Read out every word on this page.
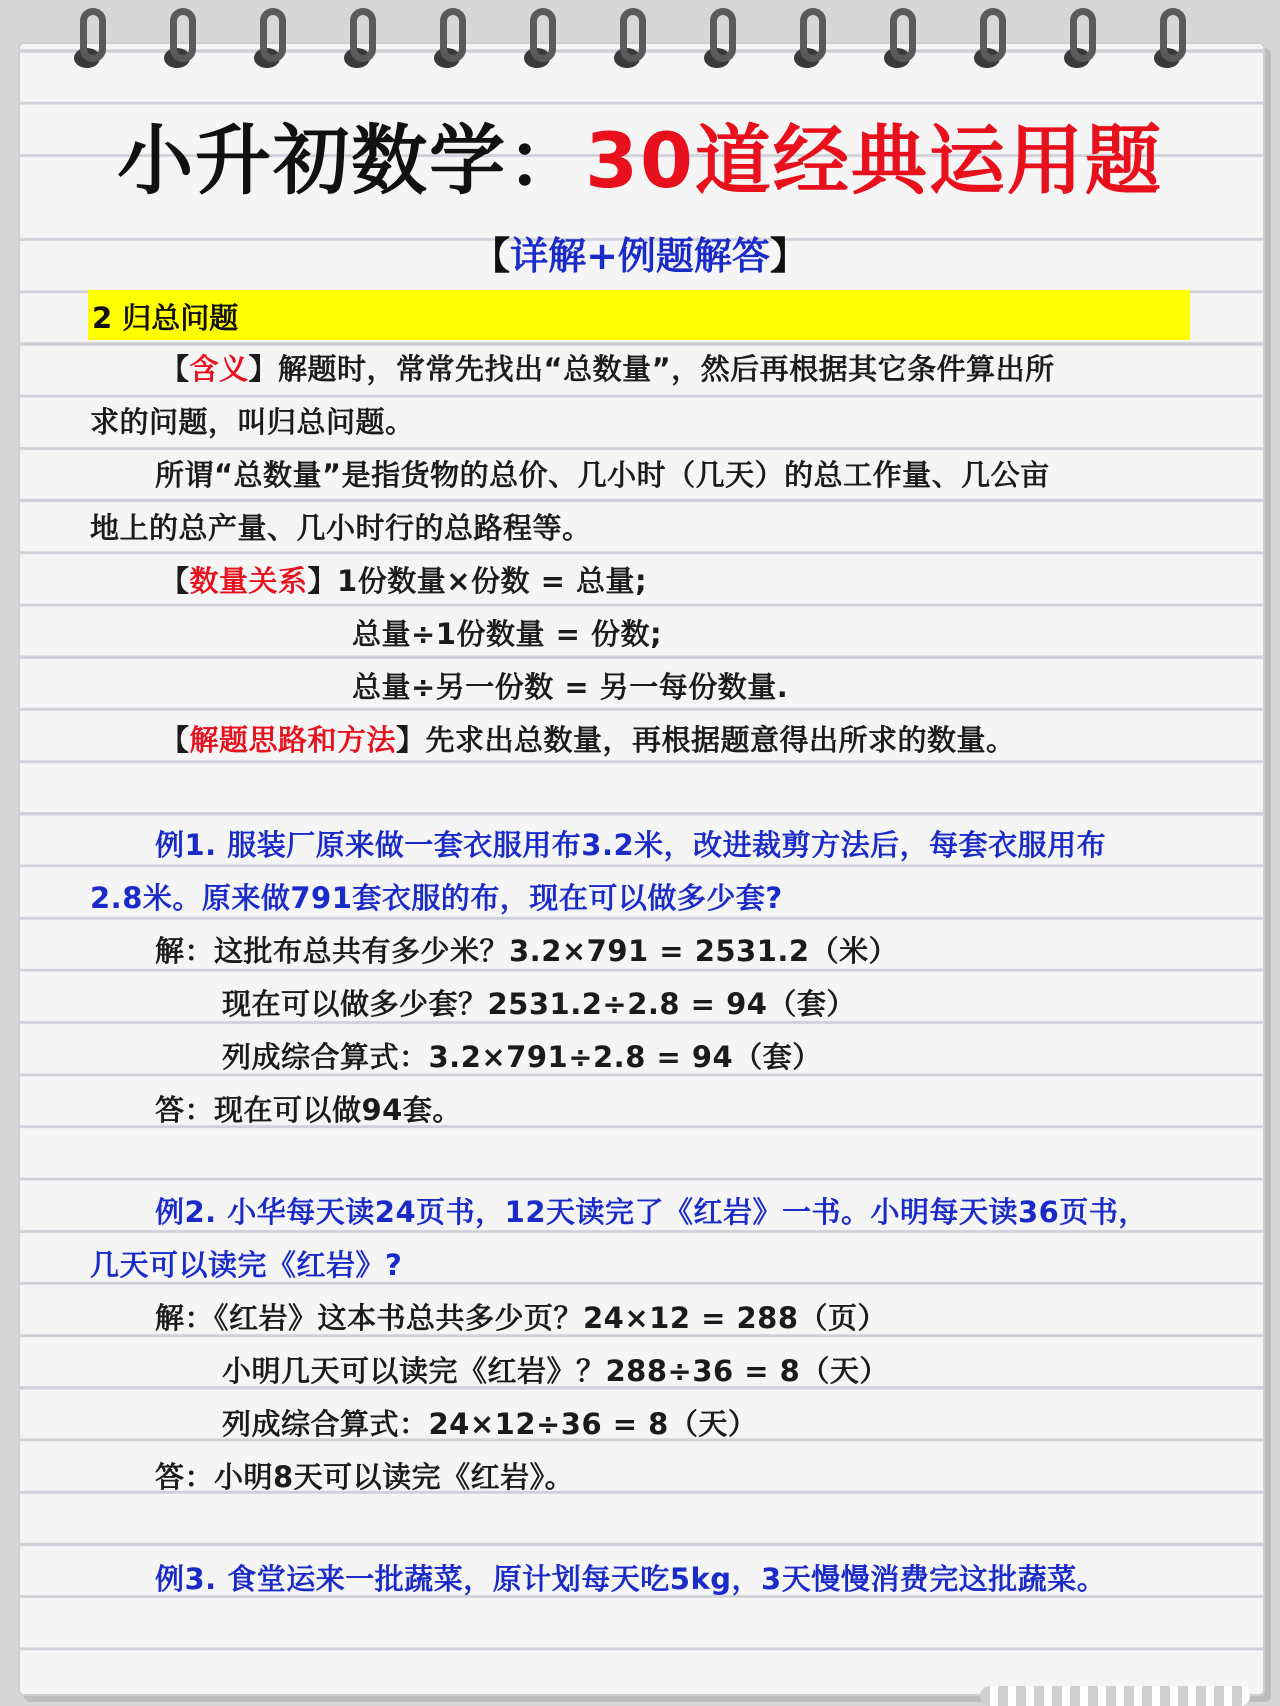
小升初数学：30道经典运用题
【详解+例题解答】
2 归总问题
【含义】解题时，常常先找出“总数量”，然后再根据其它条件算出所
求的问题，叫归总问题。
所谓“总数量”是指货物的总价、几小时（几天）的总工作量、几公亩
地上的总产量、几小时行的总路程等。
【数量关系】1份数量×份数 = 总量;
总量÷1份数量 = 份数;
总量÷另一份数 = 另一每份数量.
【解题思路和方法】先求出总数量，再根据题意得出所求的数量。
例1. 服装厂原来做一套衣服用布3.2米，改进裁剪方法后，每套衣服用布
2.8米。原来做791套衣服的布，现在可以做多少套?
解：这批布总共有多少米？3.2×791 = 2531.2（米）
现在可以做多少套？2531.2÷2.8 = 94（套）
列成综合算式：3.2×791÷2.8 = 94（套）
答：现在可以做94套。
例2. 小华每天读24页书，12天读完了《红岩》一书。小明每天读36页书，
几天可以读完《红岩》?
解：《红岩》这本书总共多少页？24×12 = 288（页）
小明几天可以读完《红岩》？288÷36 = 8（天）
列成综合算式：24×12÷36 = 8（天）
答：小明8天可以读完《红岩》。
例3. 食堂运来一批蔬菜，原计划每天吃5kg，3天慢慢消费完这批蔬菜。
